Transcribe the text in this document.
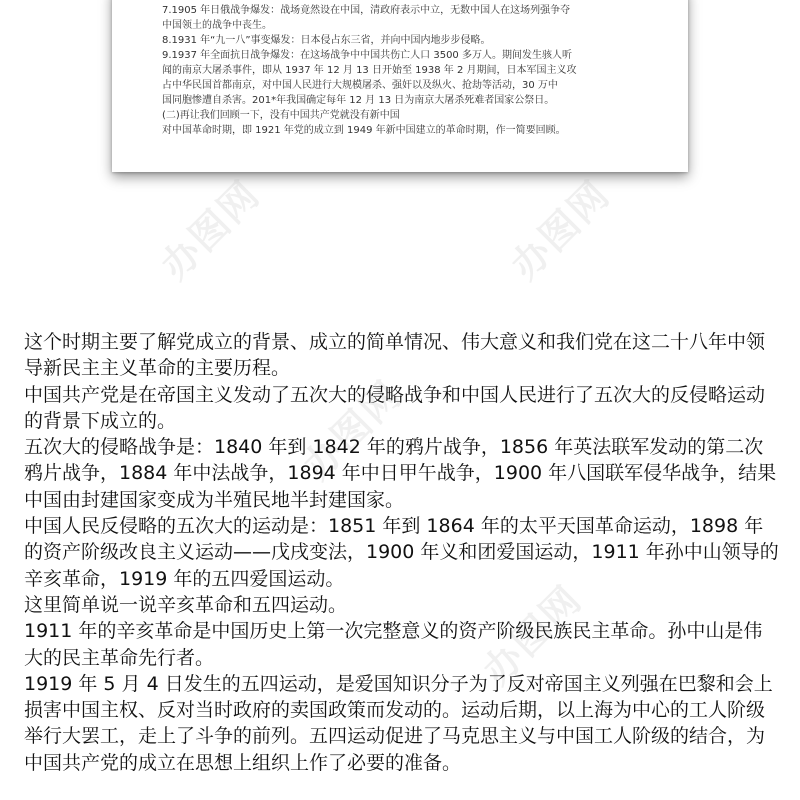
7.1905 年日俄战争爆发：战场竟然设在中国，清政府表示中立，无数中国人在这场列强争夺
中国领土的战争中丧生。
8.1931 年“九一八”事变爆发：日本侵占东三省，并向中国内地步步侵略。
9.1937 年全面抗日战争爆发：在这场战争中中国共伤亡人口 3500 多万人。期间发生骇人听
闻的南京大屠杀事件，即从 1937 年 12 月 13 日开始至 1938 年 2 月期间，日本军国主义攻
占中华民国首都南京，对中国人民进行大规模屠杀、强奸以及纵火、抢劫等活动，30 万中
国同胞惨遭自杀害。201*年我国确定每年 12 月 13 日为南京大屠杀死难者国家公祭日。
(二)再让我们回顾一下，没有中国共产党就没有新中国
对中国革命时期，即 1921 年党的成立到 1949 年新中国建立的革命时期，作一简要回顾。
办图网	办图网
办图网
办图网

这个时期主要了解党成立的背景、成立的简单情况、伟大意义和我们党在这二十八年中领导新民主主义革命的主要历程。

中国共产党是在帝国主义发动了五次大的侵略战争和中国人民进行了五次大的反侵略运动的背景下成立的。

五次大的侵略战争是：1840 年到 1842 年的鸦片战争，1856 年英法联军发动的第二次鸦片战争，1884 年中法战争，1894 年中日甲午战争，1900 年八国联军侵华战争，结果中国由封建国家变成为半殖民地半封建国家。

中国人民反侵略的五次大的运动是：1851 年到 1864 年的太平天国革命运动，1898 年的资产阶级改良主义运动——戊戌变法，1900 年义和团爱国运动，1911 年孙中山领导的辛亥革命，1919 年的五四爱国运动。

这里简单说一说辛亥革命和五四运动。

1911 年的辛亥革命是中国历史上第一次完整意义的资产阶级民族民主革命。孙中山是伟大的民主革命先行者。

1919 年 5 月 4 日发生的五四运动，是爱国知识分子为了反对帝国主义列强在巴黎和会上损害中国主权、反对当时政府的卖国政策而发动的。运动后期，以上海为中心的工人阶级举行大罢工，走上了斗争的前列。五四运动促进了马克思主义与中国工人阶级的结合，为中国共产党的成立在思想上组织上作了必要的准备。
